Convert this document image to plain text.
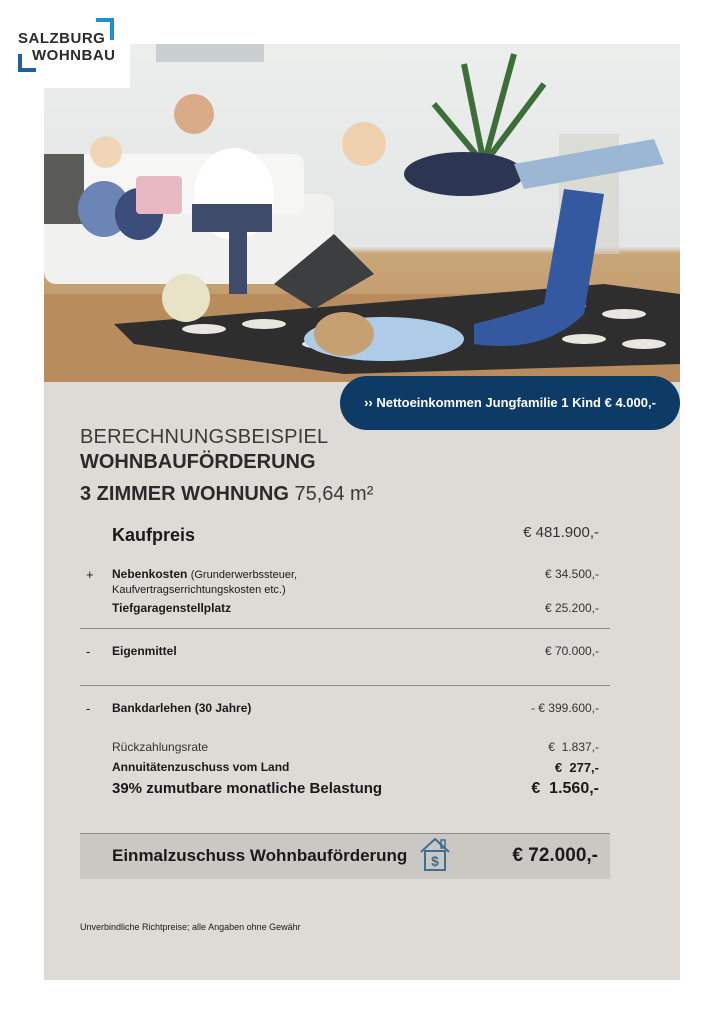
SALZBURG
WOHNBAU
›› Nettoeinkommen Jungfamilie 1 Kind € 4.000,-
BERECHNUNGSBEISPIEL
WOHNBAUFÖRDERUNG
3 ZIMMER WOHNUNG 75,64 m²
Kaufpreis	€ 481.900,-
+ Nebenkosten (Grunderwerbssteuer,	€ 34.500,-
Kaufvertragserrichtungskosten etc.)
Tiefgaragenstellplatz	€ 25.200,-
- Eigenmittel	€ 70.000,-
- Bankdarlehen (30 Jahre)	- € 399.600,-
Rückzahlungsrate	€  1.837,-
Annuitätenzuschuss vom Land	€  277,-
39% zumutbare monatliche Belastung	€  1.560,-
Einmalzuschuss Wohnbauförderung $	€ 72.000,-
Unverbindliche Richtpreise; alle Angaben ohne Gewähr
